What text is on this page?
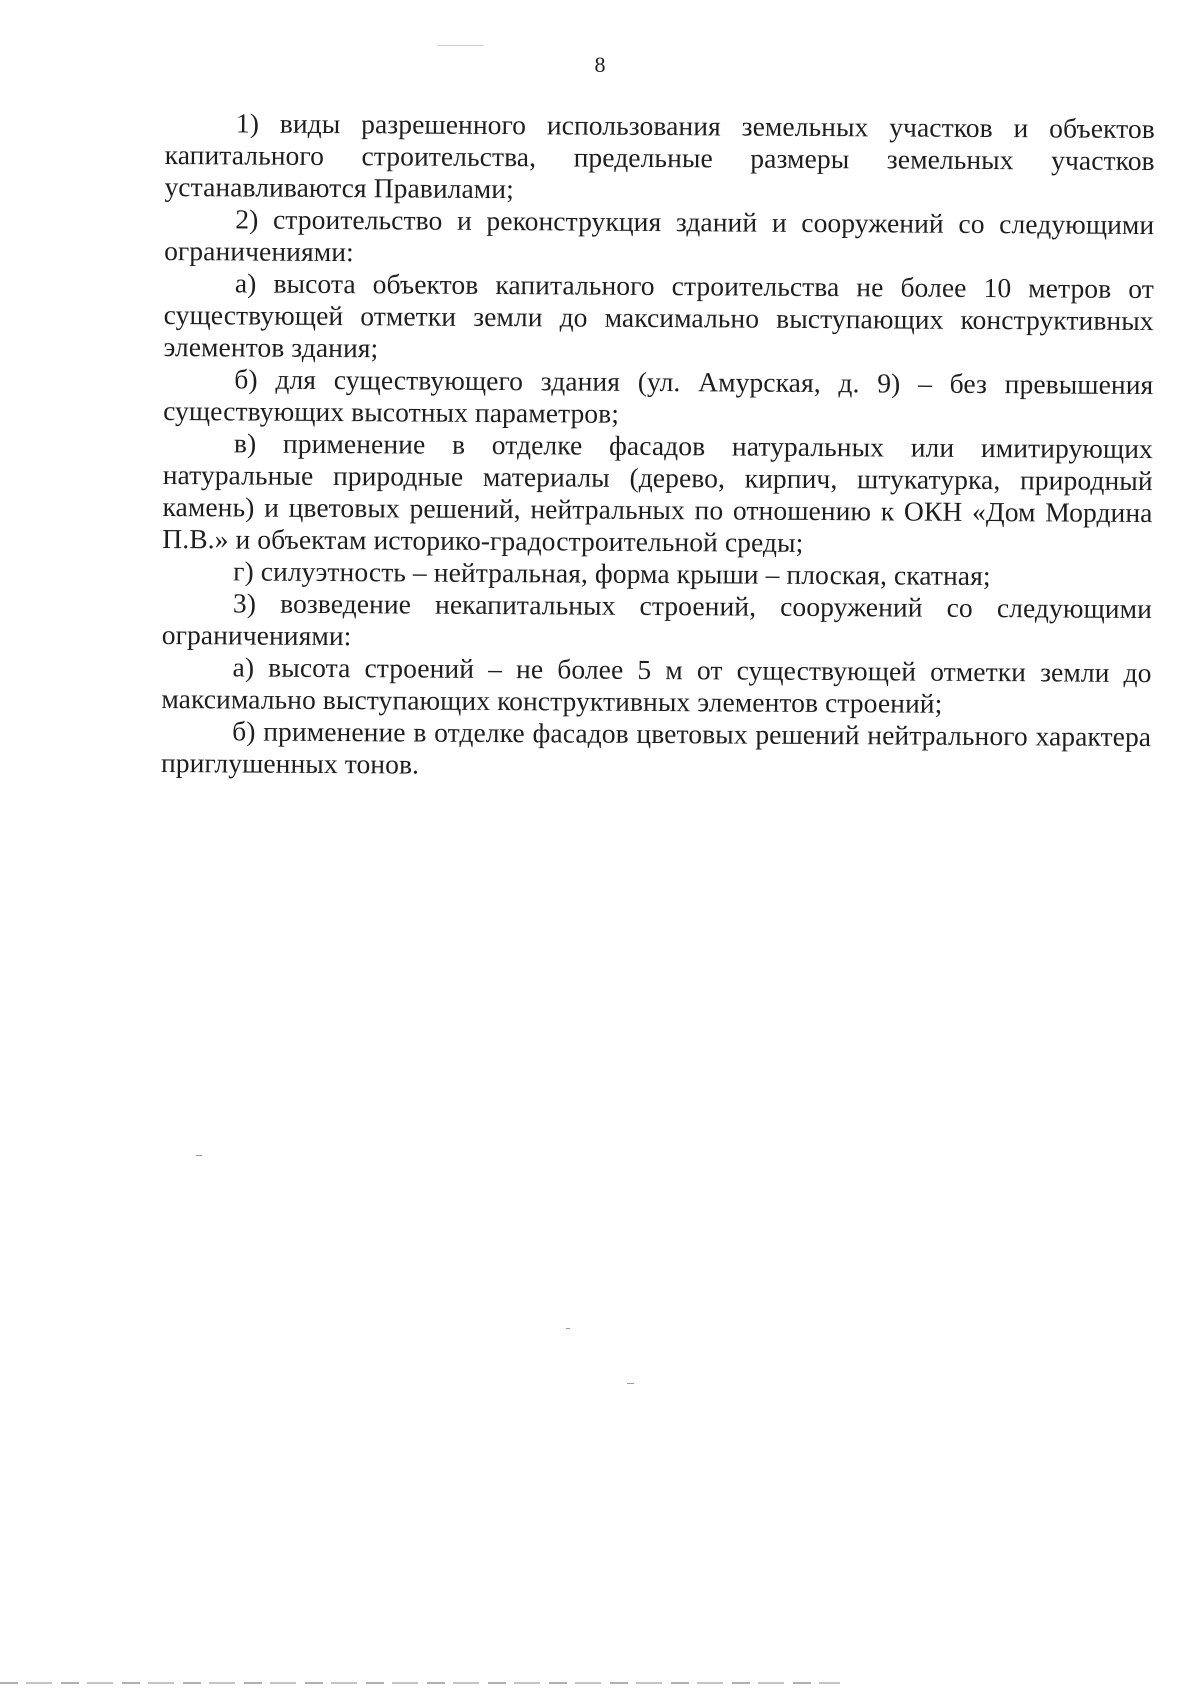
8

1) виды разрешенного использования земельных участков и объектов капитального строительства, предельные размеры земельных участков устанавливаются Правилами;

2) строительство и реконструкция зданий и сооружений со следующими ограничениями:

а) высота объектов капитального строительства не более 10 метров от существующей отметки земли до максимально выступающих конструктивных элементов здания;

б) для существующего здания (ул. Амурская, д. 9) – без превышения существующих высотных параметров;

в) применение в отделке фасадов натуральных или имитирующих натуральные природные материалы (дерево, кирпич, штукатурка, природный камень) и цветовых решений, нейтральных по отношению к ОКН «Дом Мордина П.В.» и объектам историко-градостроительной среды;

г) силуэтность – нейтральная, форма крыши – плоская, скатная;

3) возведение некапитальных строений, сооружений со следующими ограничениями:

а) высота строений – не более 5 м от существующей отметки земли до максимально выступающих конструктивных элементов строений;

б) применение в отделке фасадов цветовых решений нейтрального характера приглушенных тонов.
